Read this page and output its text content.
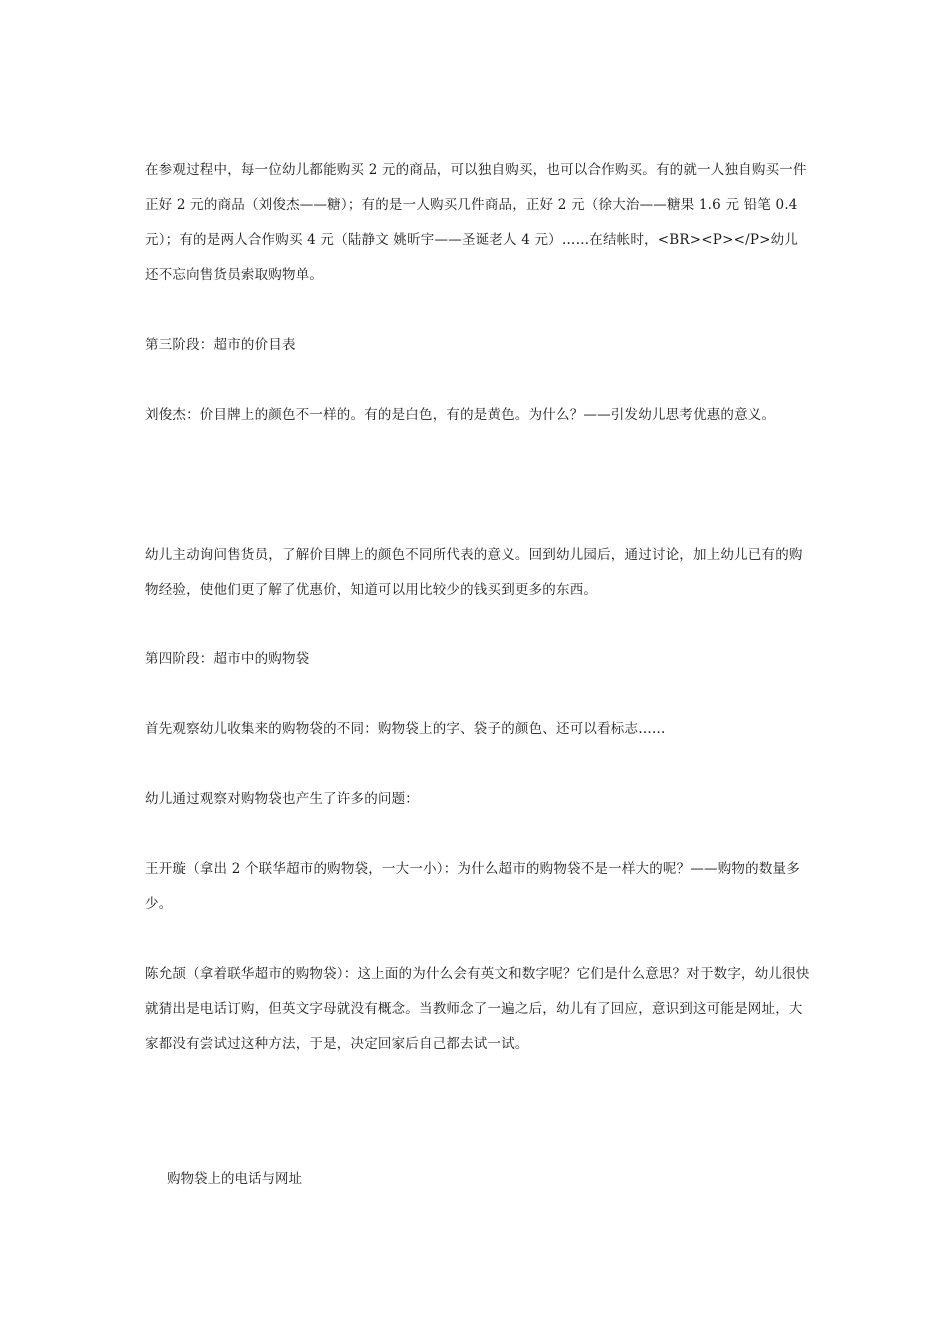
在参观过程中，每一位幼儿都能购买 2 元的商品，可以独自购买，也可以合作购买。有的就一人独自购买一件正好 2 元的商品（刘俊杰——糖）；有的是一人购买几件商品，正好 2 元（徐大治——糖果 1.6 元 铅笔 0.4 元）；有的是两人合作购买 4 元（陆静文 姚昕宇——圣诞老人 4 元）……在结帐时，<BR><P></P>幼儿还不忘向售货员索取购物单。

第三阶段：超市的价目表

刘俊杰：价目牌上的颜色不一样的。有的是白色，有的是黄色。为什么？——引发幼儿思考优惠的意义。

幼儿主动询问售货员，了解价目牌上的颜色不同所代表的意义。回到幼儿园后，通过讨论，加上幼儿已有的购物经验，使他们更了解了优惠价，知道可以用比较少的钱买到更多的东西。

第四阶段：超市中的购物袋

首先观察幼儿收集来的购物袋的不同：购物袋上的字、袋子的颜色、还可以看标志……

幼儿通过观察对购物袋也产生了许多的问题：

王开璇（拿出 2 个联华超市的购物袋，一大一小）：为什么超市的购物袋不是一样大的呢？——购物的数量多少。

陈允颉（拿着联华超市的购物袋）：这上面的为什么会有英文和数字呢？它们是什么意思？对于数字，幼儿很快就猜出是电话订购，但英文字母就没有概念。当教师念了一遍之后，幼儿有了回应，意识到这可能是网址，大家都没有尝试过这种方法，于是，决定回家后自己都去试一试。

购物袋上的电话与网址
